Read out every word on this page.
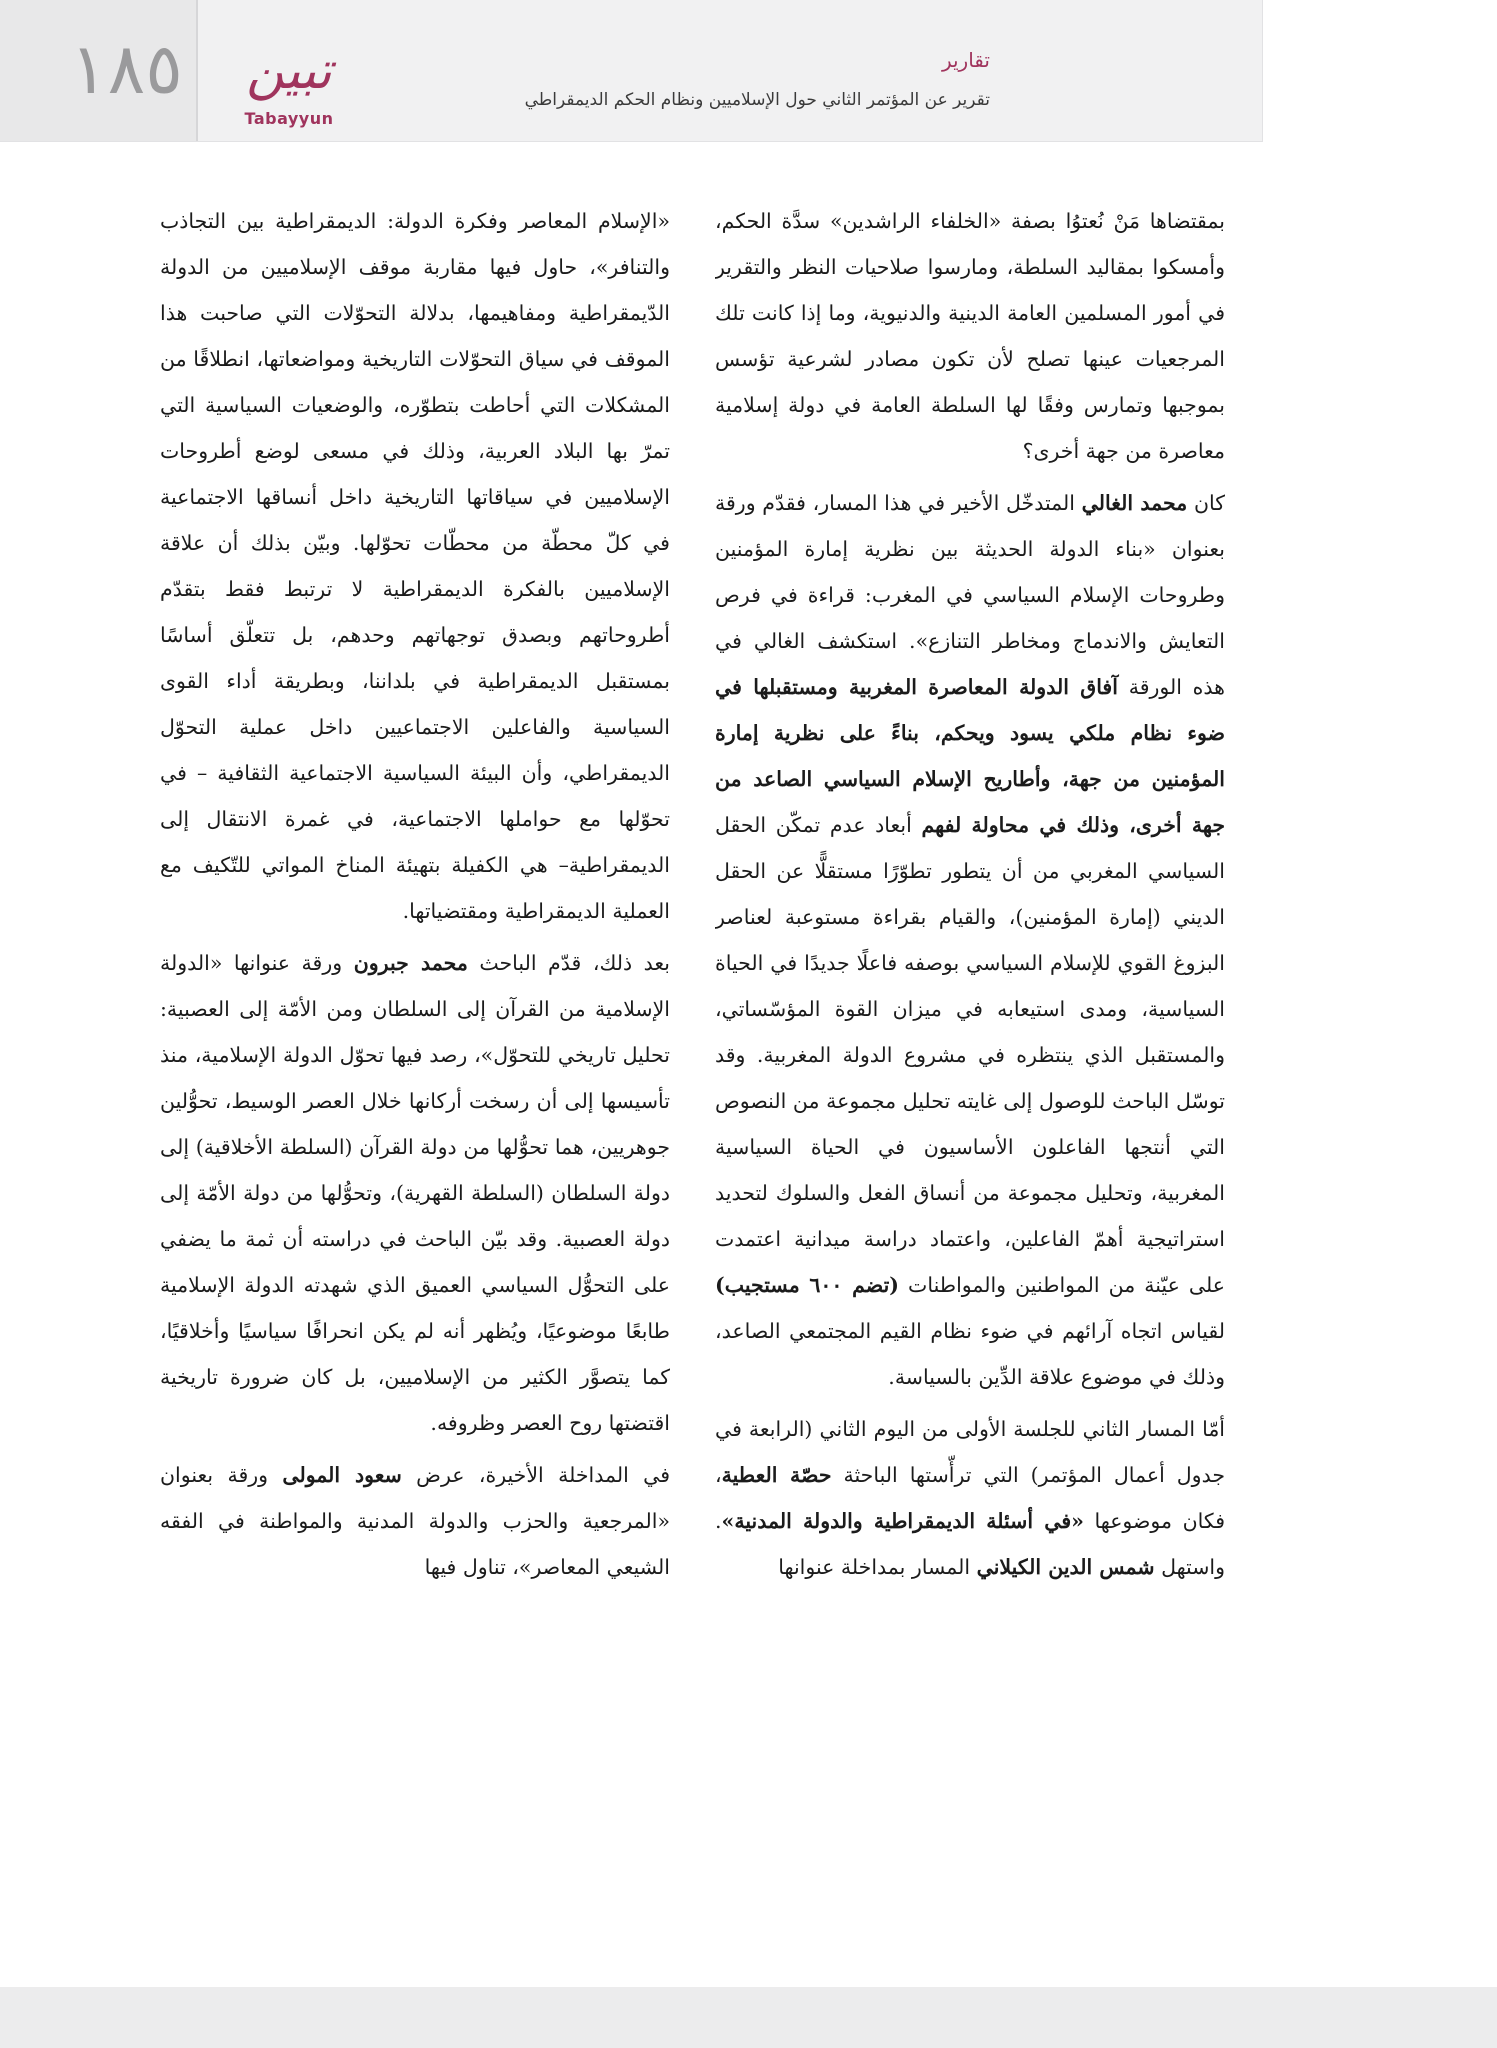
١٨٥	تبين
Tabayyun
تقارير
تقرير عن المؤتمر الثاني حول الإسلاميين ونظام الحكم الديمقراطي

بمقتضاها مَنْ نُعتوُا بصفة «الخلفاء الراشدين» سدَّة الحكم، وأمسكوا بمقاليد السلطة، ومارسوا صلاحيات النظر والتقرير في أمور المسلمين العامة الدينية والدنيوية، وما إذا كانت تلك المرجعيات عينها تصلح لأن تكون مصادر لشرعية تؤسس بموجبها وتمارس وفقًا لها السلطة العامة في دولة إسلامية معاصرة من جهة أخرى؟

كان محمد الغالي المتدخّل الأخير في هذا المسار، فقدّم ورقة بعنوان «بناء الدولة الحديثة بين نظرية إمارة المؤمنين وطروحات الإسلام السياسي في المغرب: قراءة في فرص التعايش والاندماج ومخاطر التنازع». استكشف الغالي في هذه الورقة آفاق الدولة المعاصرة المغربية ومستقبلها في ضوء نظام ملكي يسود ويحكم، بناءً على نظرية إمارة المؤمنين من جهة، وأطاريح الإسلام السياسي الصاعد من جهة أخرى، وذلك في محاولة لفهم أبعاد عدم تمكّن الحقل السياسي المغربي من أن يتطور تطوّرًا مستقلًّا عن الحقل الديني (إمارة المؤمنين)، والقيام بقراءة مستوعبة لعناصر البزوغ القوي للإسلام السياسي بوصفه فاعلًا جديدًا في الحياة السياسية، ومدى استيعابه في ميزان القوة المؤسّساتي، والمستقبل الذي ينتظره في مشروع الدولة المغربية. وقد توسّل الباحث للوصول إلى غايته تحليل مجموعة من النصوص التي أنتجها الفاعلون الأساسيون في الحياة السياسية المغربية، وتحليل مجموعة من أنساق الفعل والسلوك لتحديد استراتيجية أهمّ الفاعلين، واعتماد دراسة ميدانية اعتمدت على عيّنة من المواطنين والمواطنات (تضم ٦٠٠ مستجيب) لقياس اتجاه آرائهم في ضوء نظام القيم المجتمعي الصاعد، وذلك في موضوع علاقة الدِّين بالسياسة.

أمّا المسار الثاني للجلسة الأولى من اليوم الثاني (الرابعة في جدول أعمال المؤتمر) التي ترأّستها الباحثة حصّة العطية، فكان موضوعها «في أسئلة الديمقراطية والدولة المدنية». واستهل شمس الدين الكيلاني المسار بمداخلة عنوانها

«الإسلام المعاصر وفكرة الدولة: الديمقراطية بين التجاذب والتنافر»، حاول فيها مقاربة موقف الإسلاميين من الدولة الدّيمقراطية ومفاهيمها، بدلالة التحوّلات التي صاحبت هذا الموقف في سياق التحوّلات التاريخية ومواضعاتها، انطلاقًا من المشكلات التي أحاطت بتطوّره، والوضعيات السياسية التي تمرّ بها البلاد العربية، وذلك في مسعى لوضع أطروحات الإسلاميين في سياقاتها التاريخية داخل أنساقها الاجتماعية في كلّ محطّة من محطّات تحوّلها. وبيّن بذلك أن علاقة الإسلاميين بالفكرة الديمقراطية لا ترتبط فقط بتقدّم أطروحاتهم وبصدق توجهاتهم وحدهم، بل تتعلّق أساسًا بمستقبل الديمقراطية في بلداننا، وبطريقة أداء القوى السياسية والفاعلين الاجتماعيين داخل عملية التحوّل الديمقراطي، وأن البيئة السياسية الاجتماعية الثقافية – في تحوّلها مع حواملها الاجتماعية، في غمرة الانتقال إلى الديمقراطية– هي الكفيلة بتهيئة المناخ المواتي للتّكيف مع العملية الديمقراطية ومقتضياتها.

بعد ذلك، قدّم الباحث محمد جبرون ورقة عنوانها «الدولة الإسلامية من القرآن إلى السلطان ومن الأمّة إلى العصبية: تحليل تاريخي للتحوّل»، رصد فيها تحوّل الدولة الإسلامية، منذ تأسيسها إلى أن رسخت أركانها خلال العصر الوسيط، تحوُّلين جوهريين، هما تحوُّلها من دولة القرآن (السلطة الأخلاقية) إلى دولة السلطان (السلطة القهرية)، وتحوُّلها من دولة الأمّة إلى دولة العصبية. وقد بيّن الباحث في دراسته أن ثمة ما يضفي على التحوُّل السياسي العميق الذي شهدته الدولة الإسلامية طابعًا موضوعيًا، ويُظهر أنه لم يكن انحرافًا سياسيًا وأخلاقيًا، كما يتصوَّر الكثير من الإسلاميين، بل كان ضرورة تاريخية اقتضتها روح العصر وظروفه.

في المداخلة الأخيرة، عرض سعود المولى ورقة بعنوان «المرجعية والحزب والدولة المدنية والمواطنة في الفقه الشيعي المعاصر»، تناول فيها
